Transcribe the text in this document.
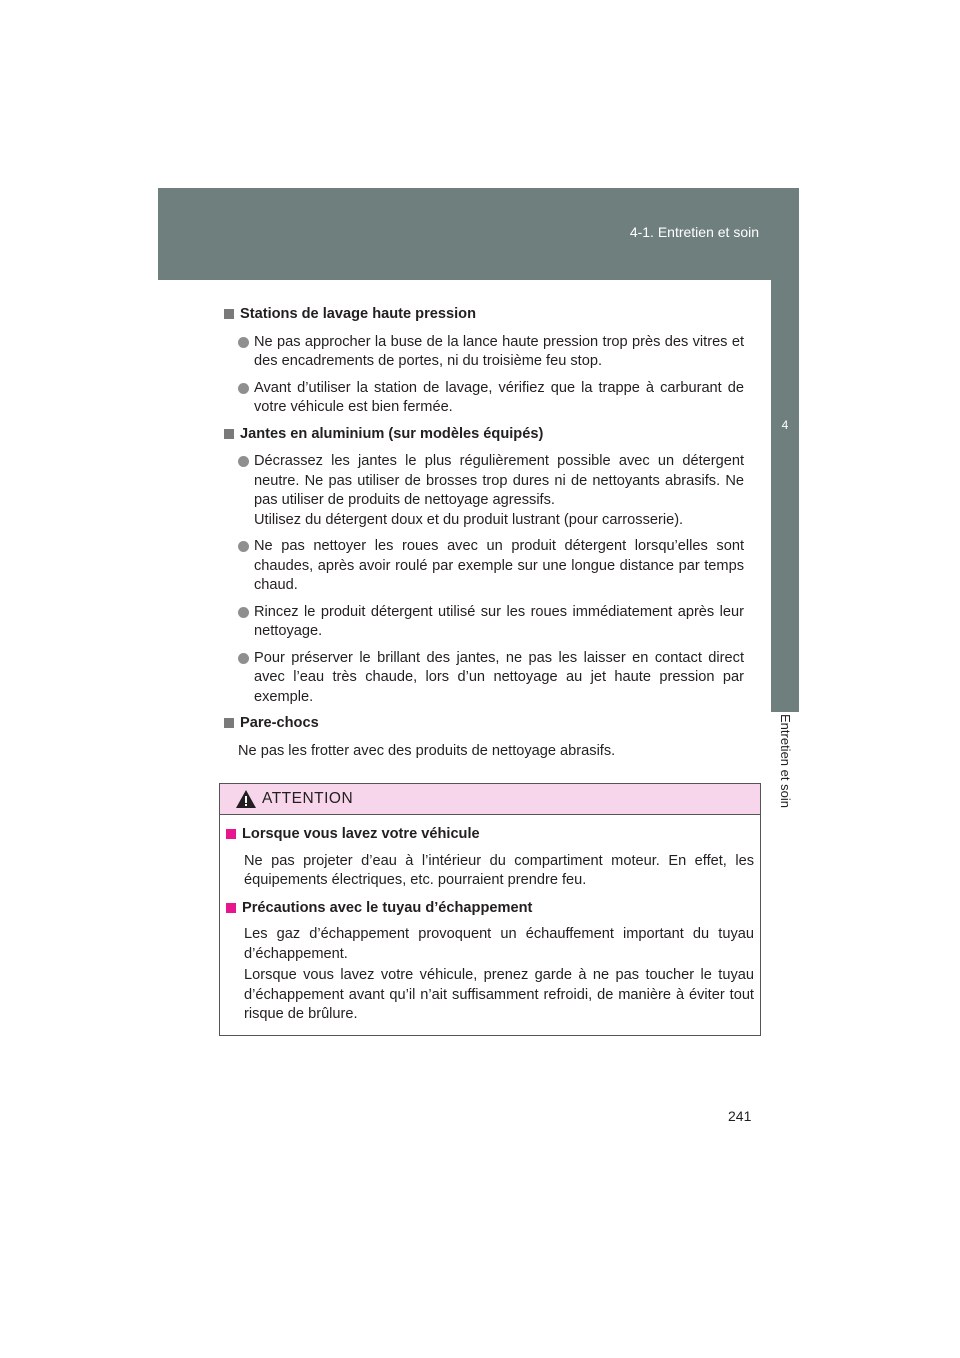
4-1. Entretien et soin
4
Entretien et soin
Stations de lavage haute pression
Ne pas approcher la buse de la lance haute pression trop près des vitres et des encadrements de portes, ni du troisième feu stop.
Avant d’utiliser la station de lavage, vérifiez que la trappe à carburant de votre véhicule est bien fermée.
Jantes en aluminium (sur modèles équipés)
Décrassez les jantes le plus régulièrement possible avec un détergent neutre. Ne pas utiliser de brosses trop dures ni de nettoyants abrasifs. Ne pas utiliser de produits de nettoyage agressifs.
Utilisez du détergent doux et du produit lustrant (pour carrosserie).
Ne pas nettoyer les roues avec un produit détergent lorsqu’elles sont chaudes, après avoir roulé par exemple sur une longue distance par temps chaud.
Rincez le produit détergent utilisé sur les roues immédiatement après leur nettoyage.
Pour préserver le brillant des jantes, ne pas les laisser en contact direct avec l’eau très chaude, lors d’un nettoyage au jet haute pression par exemple.
Pare-chocs
Ne pas les frotter avec des produits de nettoyage abrasifs.
ATTENTION
Lorsque vous lavez votre véhicule
Ne pas projeter d’eau à l’intérieur du compartiment moteur. En effet, les équipements électriques, etc. pourraient prendre feu.
Précautions avec le tuyau d’échappement
Les gaz d’échappement provoquent un échauffement important du tuyau d’échappement.
Lorsque vous lavez votre véhicule, prenez garde à ne pas toucher le tuyau d’échappement avant qu’il n’ait suffisamment refroidi, de manière à éviter tout risque de brûlure.
241
